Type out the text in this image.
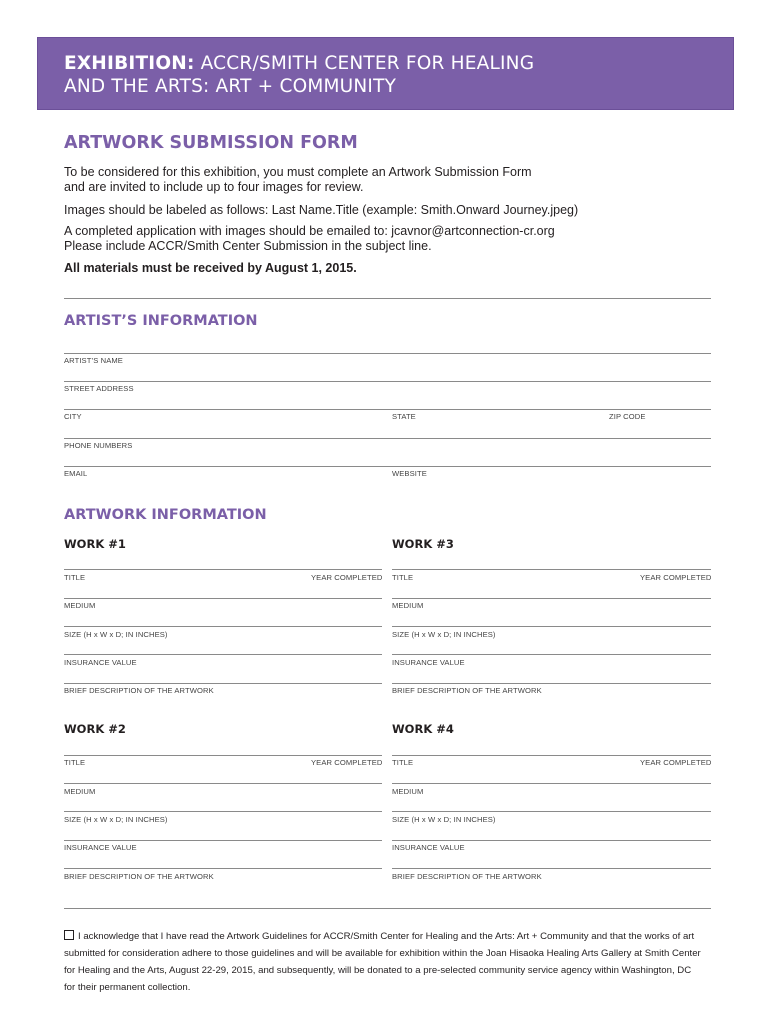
EXHIBITION: ACCR/SMITH CENTER FOR HEALING
AND THE ARTS: ART + COMMUNITY
ARTWORK SUBMISSION FORM
To be considered for this exhibition, you must complete an Artwork Submission Form
and are invited to include up to four images for review.
Images should be labeled as follows: Last Name.Title (example: Smith.Onward Journey.jpeg)
A completed application with images should be emailed to: jcavnor@artconnection-cr.org
Please include ACCR/Smith Center Submission in the subject line.
All materials must be received by August 1, 2015.
ARTIST’S INFORMATION
ARTIST’S NAME
STREET ADDRESS
CITY	STATE	ZIP CODE
PHONE NUMBERS
EMAIL	WEBSITE
ARTWORK INFORMATION
WORK #1
TITLE	YEAR COMPLETED
MEDIUM
SIZE (H x W x D; IN INCHES)
INSURANCE VALUE
BRIEF DESCRIPTION OF THE ARTWORK
WORK #3
TITLE	YEAR COMPLETED
MEDIUM
SIZE (H x W x D; IN INCHES)
INSURANCE VALUE
BRIEF DESCRIPTION OF THE ARTWORK
WORK #2
TITLE	YEAR COMPLETED
MEDIUM
SIZE (H x W x D; IN INCHES)
INSURANCE VALUE
BRIEF DESCRIPTION OF THE ARTWORK
WORK #4
TITLE	YEAR COMPLETED
MEDIUM
SIZE (H x W x D; IN INCHES)
INSURANCE VALUE
BRIEF DESCRIPTION OF THE ARTWORK
I acknowledge that I have read the Artwork Guidelines for ACCR/Smith Center for Healing and the Arts: Art + Community and that the works of art
submitted for consideration adhere to those guidelines and will be available for exhibition within the Joan Hisaoka Healing Arts Gallery at Smith Center
for Healing and the Arts, August 22-29, 2015, and subsequently, will be donated to a pre-selected community service agency within Washington, DC
for their permanent collection.
